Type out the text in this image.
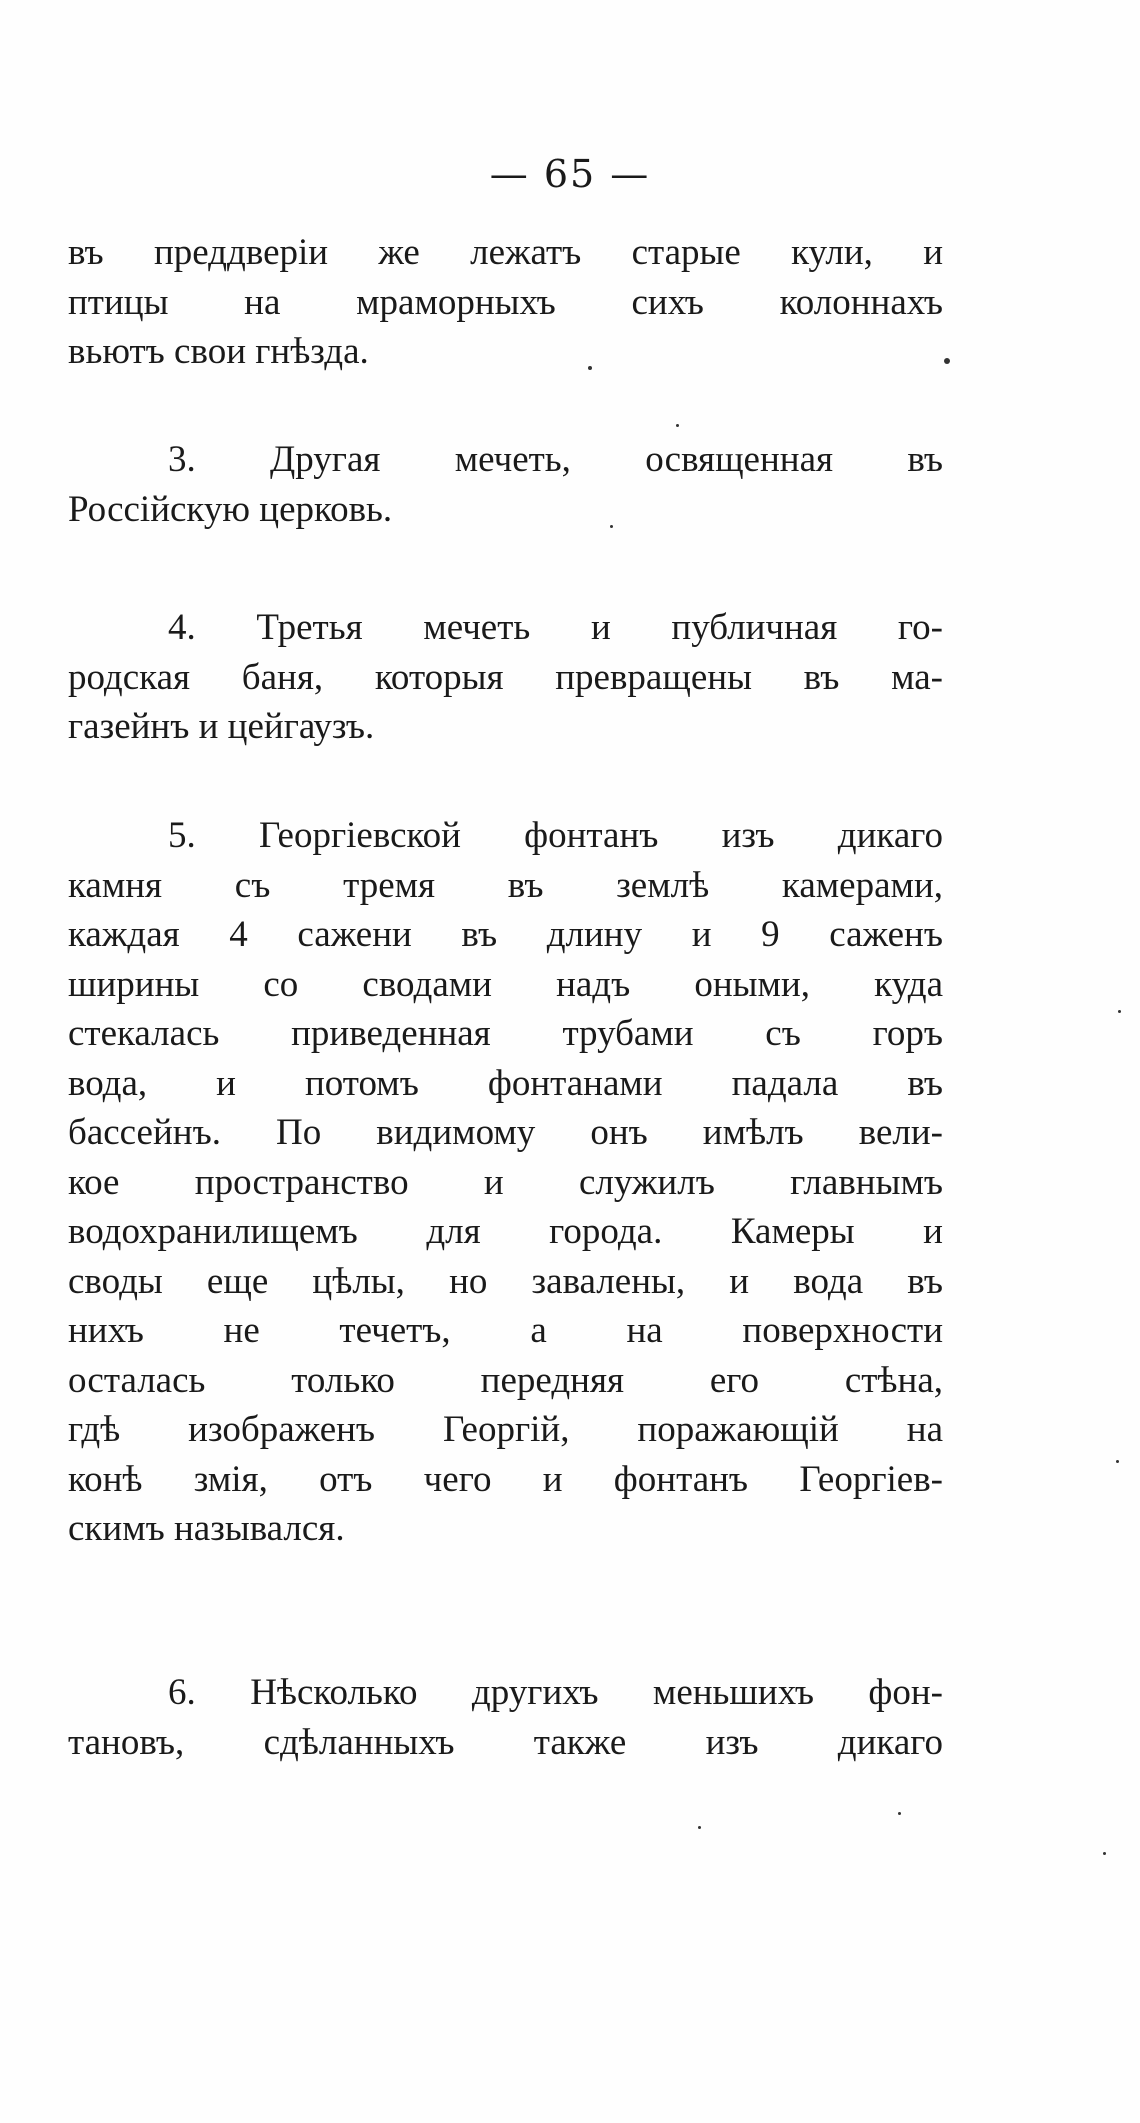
— 65 —
въ преддверіи же лежатъ старые кули, и
птицы на мраморныхъ сихъ колоннахъ
вьютъ свои гнѣзда.
3. Другая мечеть, освященная въ
Россійскую церковь.
4. Третья мечеть и публичная го-
родская баня, которыя превращены въ ма-
газейнъ и цейгаузъ.
5. Георгіевской фонтанъ изъ дикаго
камня съ тремя въ землѣ камерами,
каждая 4 сажени въ длину и 9 саженъ
ширины со сводами надъ оными, куда
стекалась приведенная трубами съ горъ
вода, и потомъ фонтанами падала въ
бассейнъ. По видимому онъ имѣлъ вели-
кое пространство и служилъ главнымъ
водохранилищемъ для города. Камеры и
своды еще цѣлы, но завалены, и вода въ
нихъ не течетъ, а на поверхности
осталась только передняя его стѣна,
гдѣ изображенъ Георгій, поражающій на
конѣ змія, отъ чего и фонтанъ Георгіев-
скимъ назывался.
6. Нѣсколько другихъ меньшихъ фон-
тановъ, сдѣланныхъ также изъ дикаго
